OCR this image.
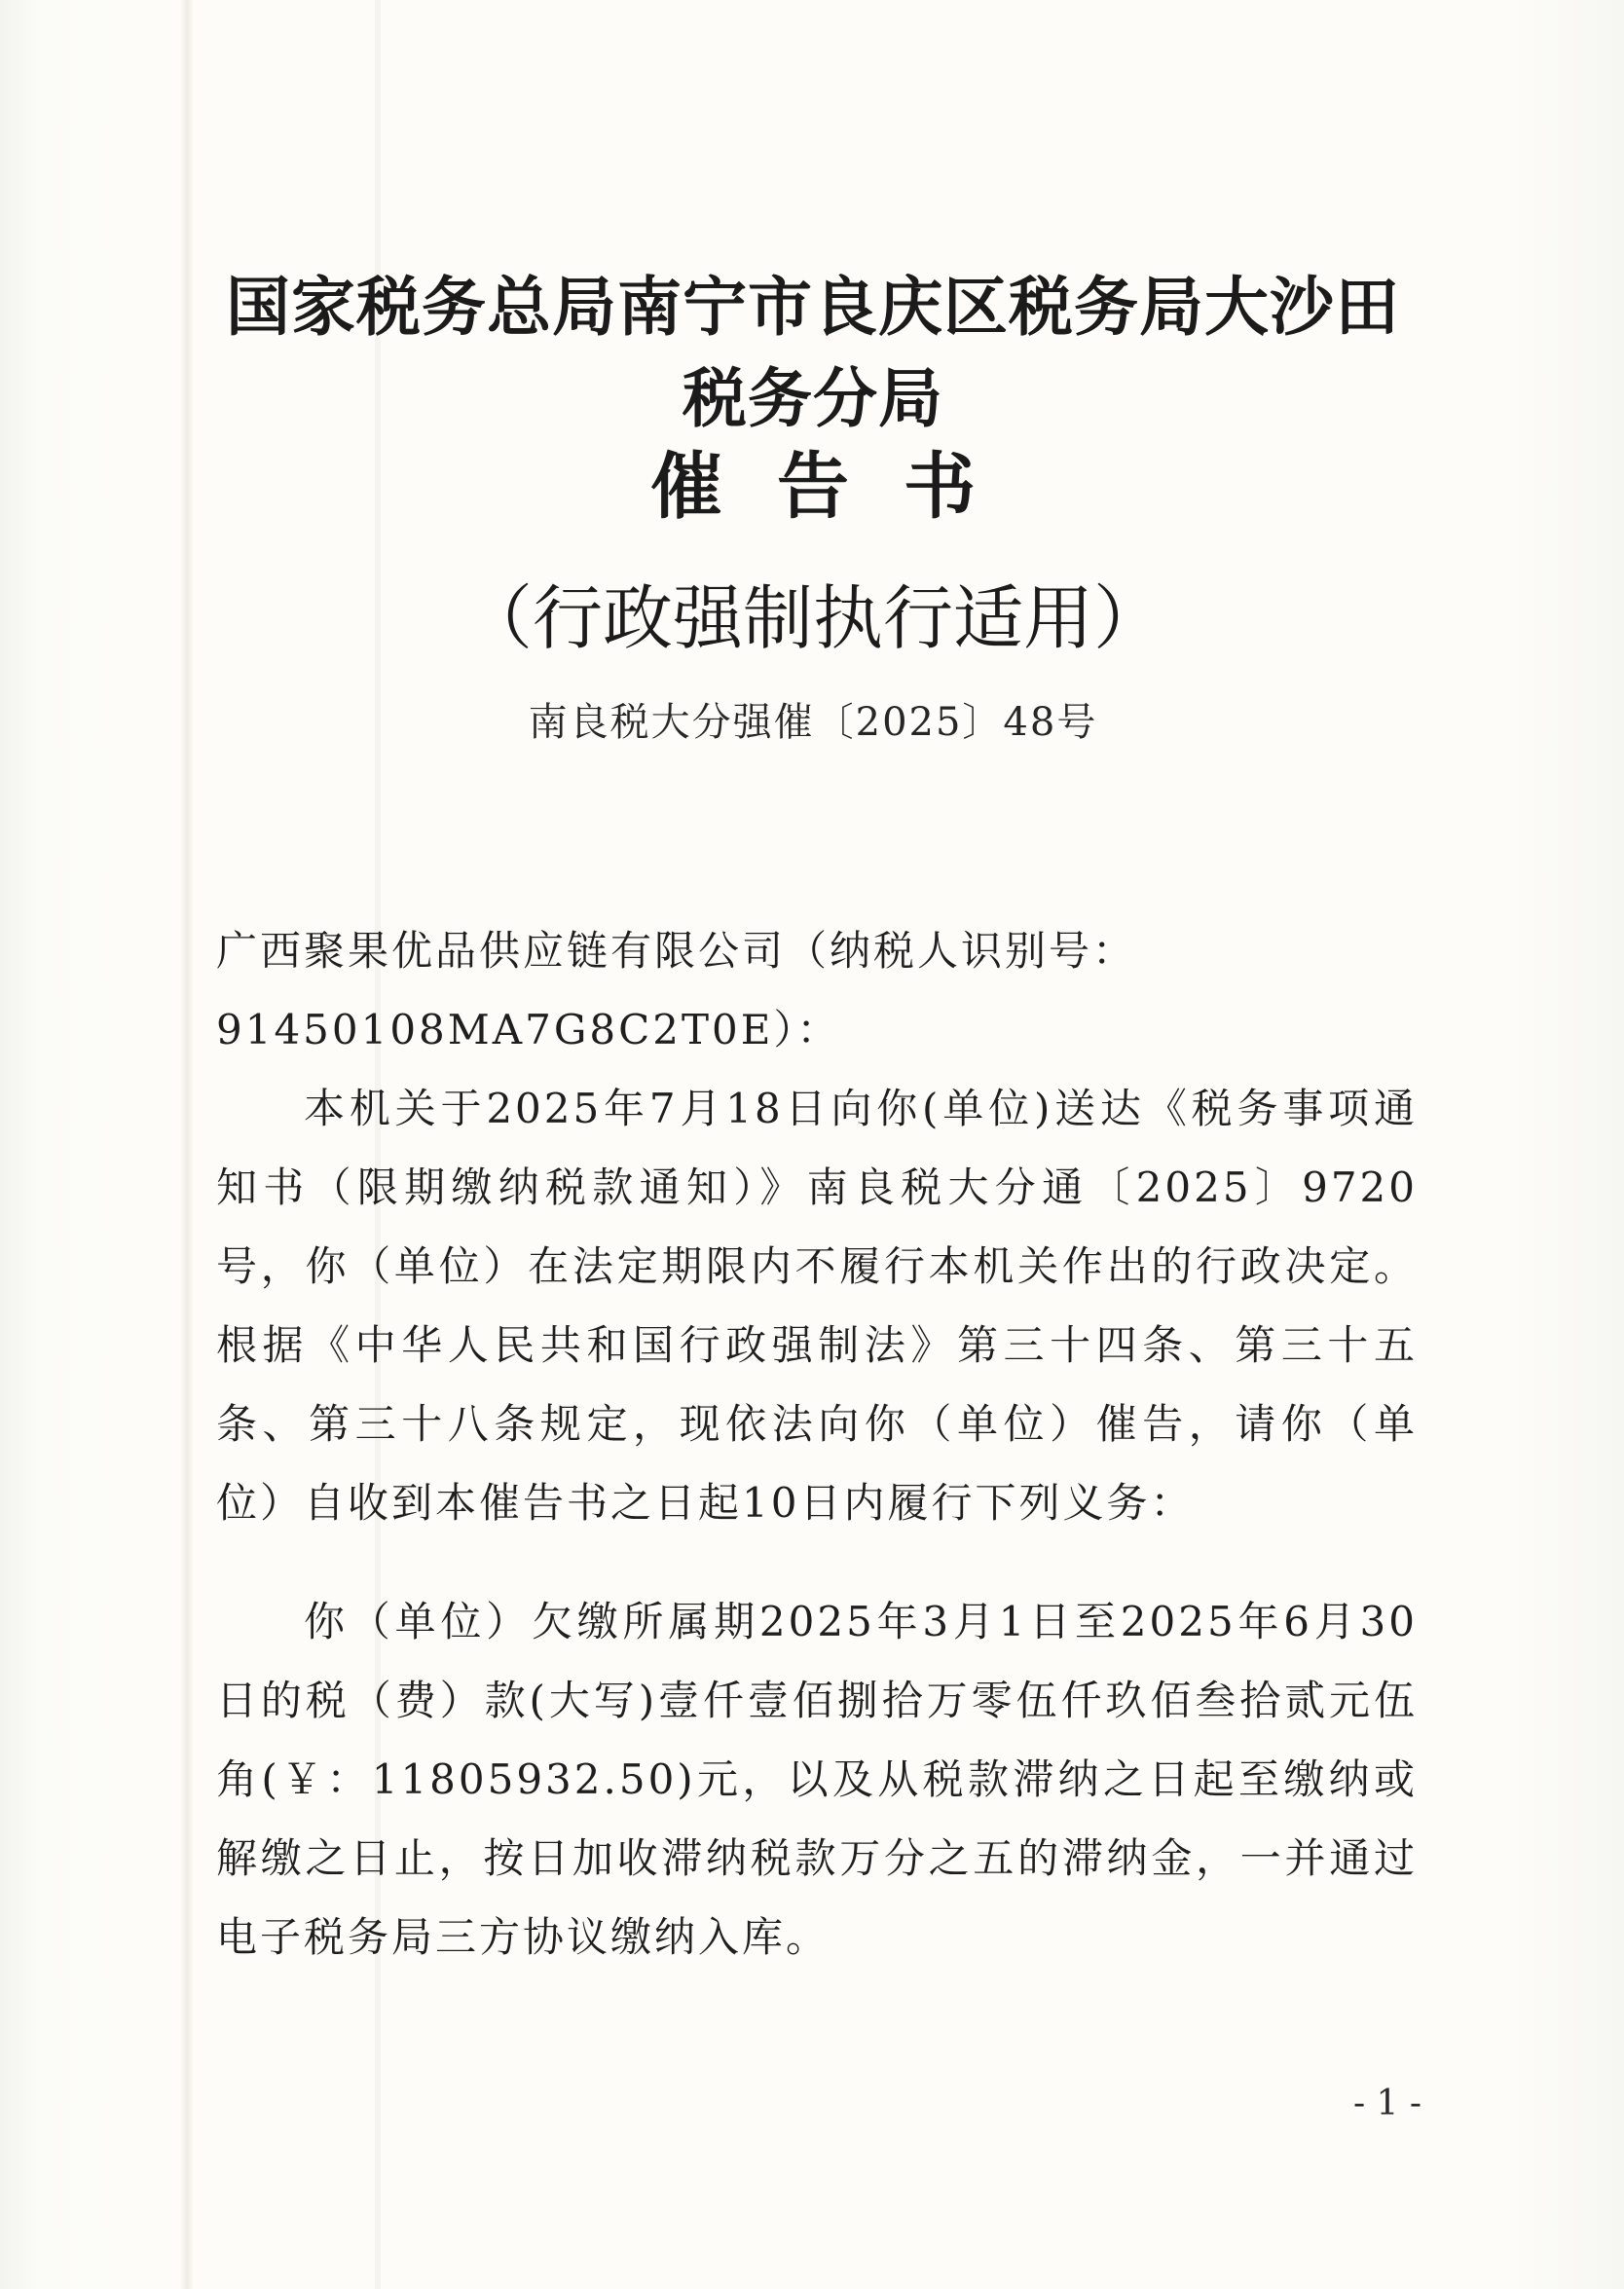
国家税务总局南宁市良庆区税务局大沙田税务分局
催告书
（行政强制执行适用）
南良税大分强催〔2025〕48号
广西聚果优品供应链有限公司（纳税人识别号：91450108MA7G8C2T0E）：
本机关于2025年7月18日向你(单位)送达《税务事项通知书（限期缴纳税款通知）》南良税大分通〔2025〕9720号，你（单位）在法定期限内不履行本机关作出的行政决定。根据《中华人民共和国行政强制法》第三十四条、第三十五条、第三十八条规定，现依法向你（单位）催告，请你（单位）自收到本催告书之日起10日内履行下列义务：
你（单位）欠缴所属期2025年3月1日至2025年6月30日的税（费）款(大写)壹仟壹佰捌拾万零伍仟玖佰叁拾贰元伍角(￥：11805932.50)元，以及从税款滞纳之日起至缴纳或解缴之日止，按日加收滞纳税款万分之五的滞纳金，一并通过电子税务局三方协议缴纳入库。
- 1 -
